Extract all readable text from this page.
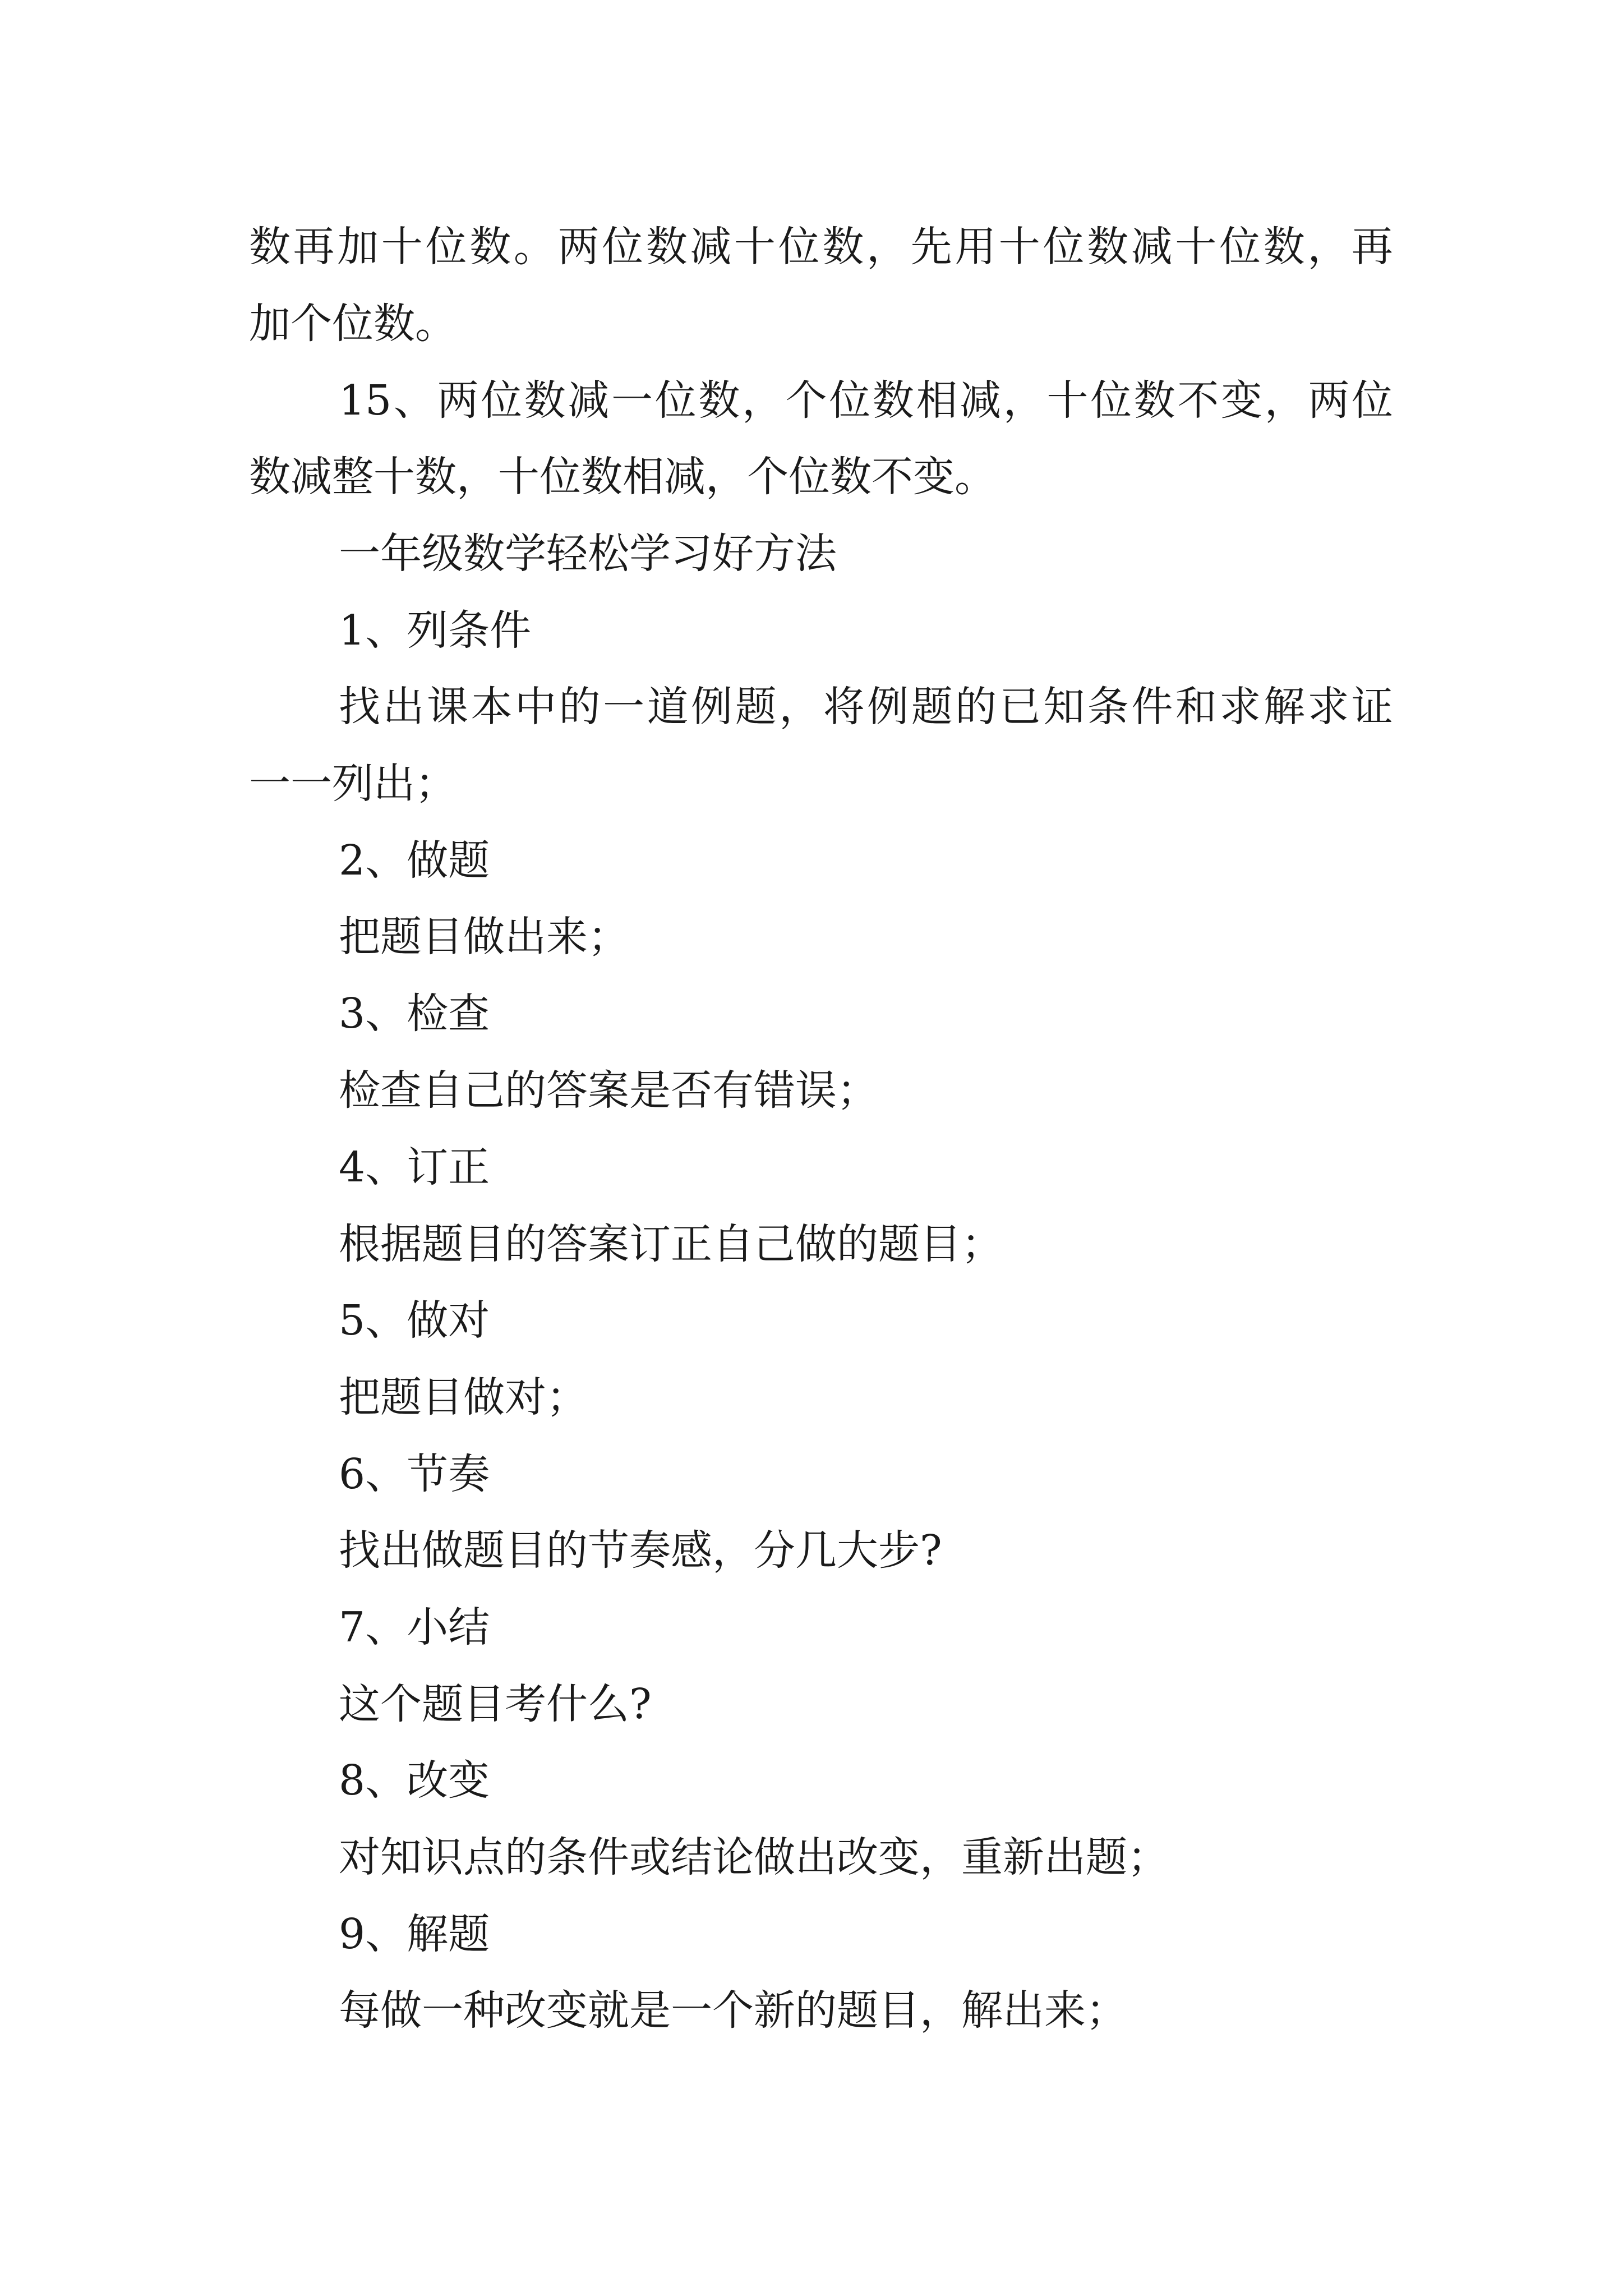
数再加十位数。两位数减十位数，先用十位数减十位数，再
加个位数。
15、两位数减一位数，个位数相减，十位数不变，两位
数减整十数，十位数相减，个位数不变。
一年级数学轻松学习好方法
1、列条件
找出课本中的一道例题，将例题的已知条件和求解求证
一一列出；
2、做题
把题目做出来；
3、检查
检查自己的答案是否有错误；
4、订正
根据题目的答案订正自己做的题目；
5、做对
把题目做对；
6、节奏
找出做题目的节奏感，分几大步?
7、小结
这个题目考什么?
8、改变
对知识点的条件或结论做出改变，重新出题；
9、解题
每做一种改变就是一个新的题目，解出来；
